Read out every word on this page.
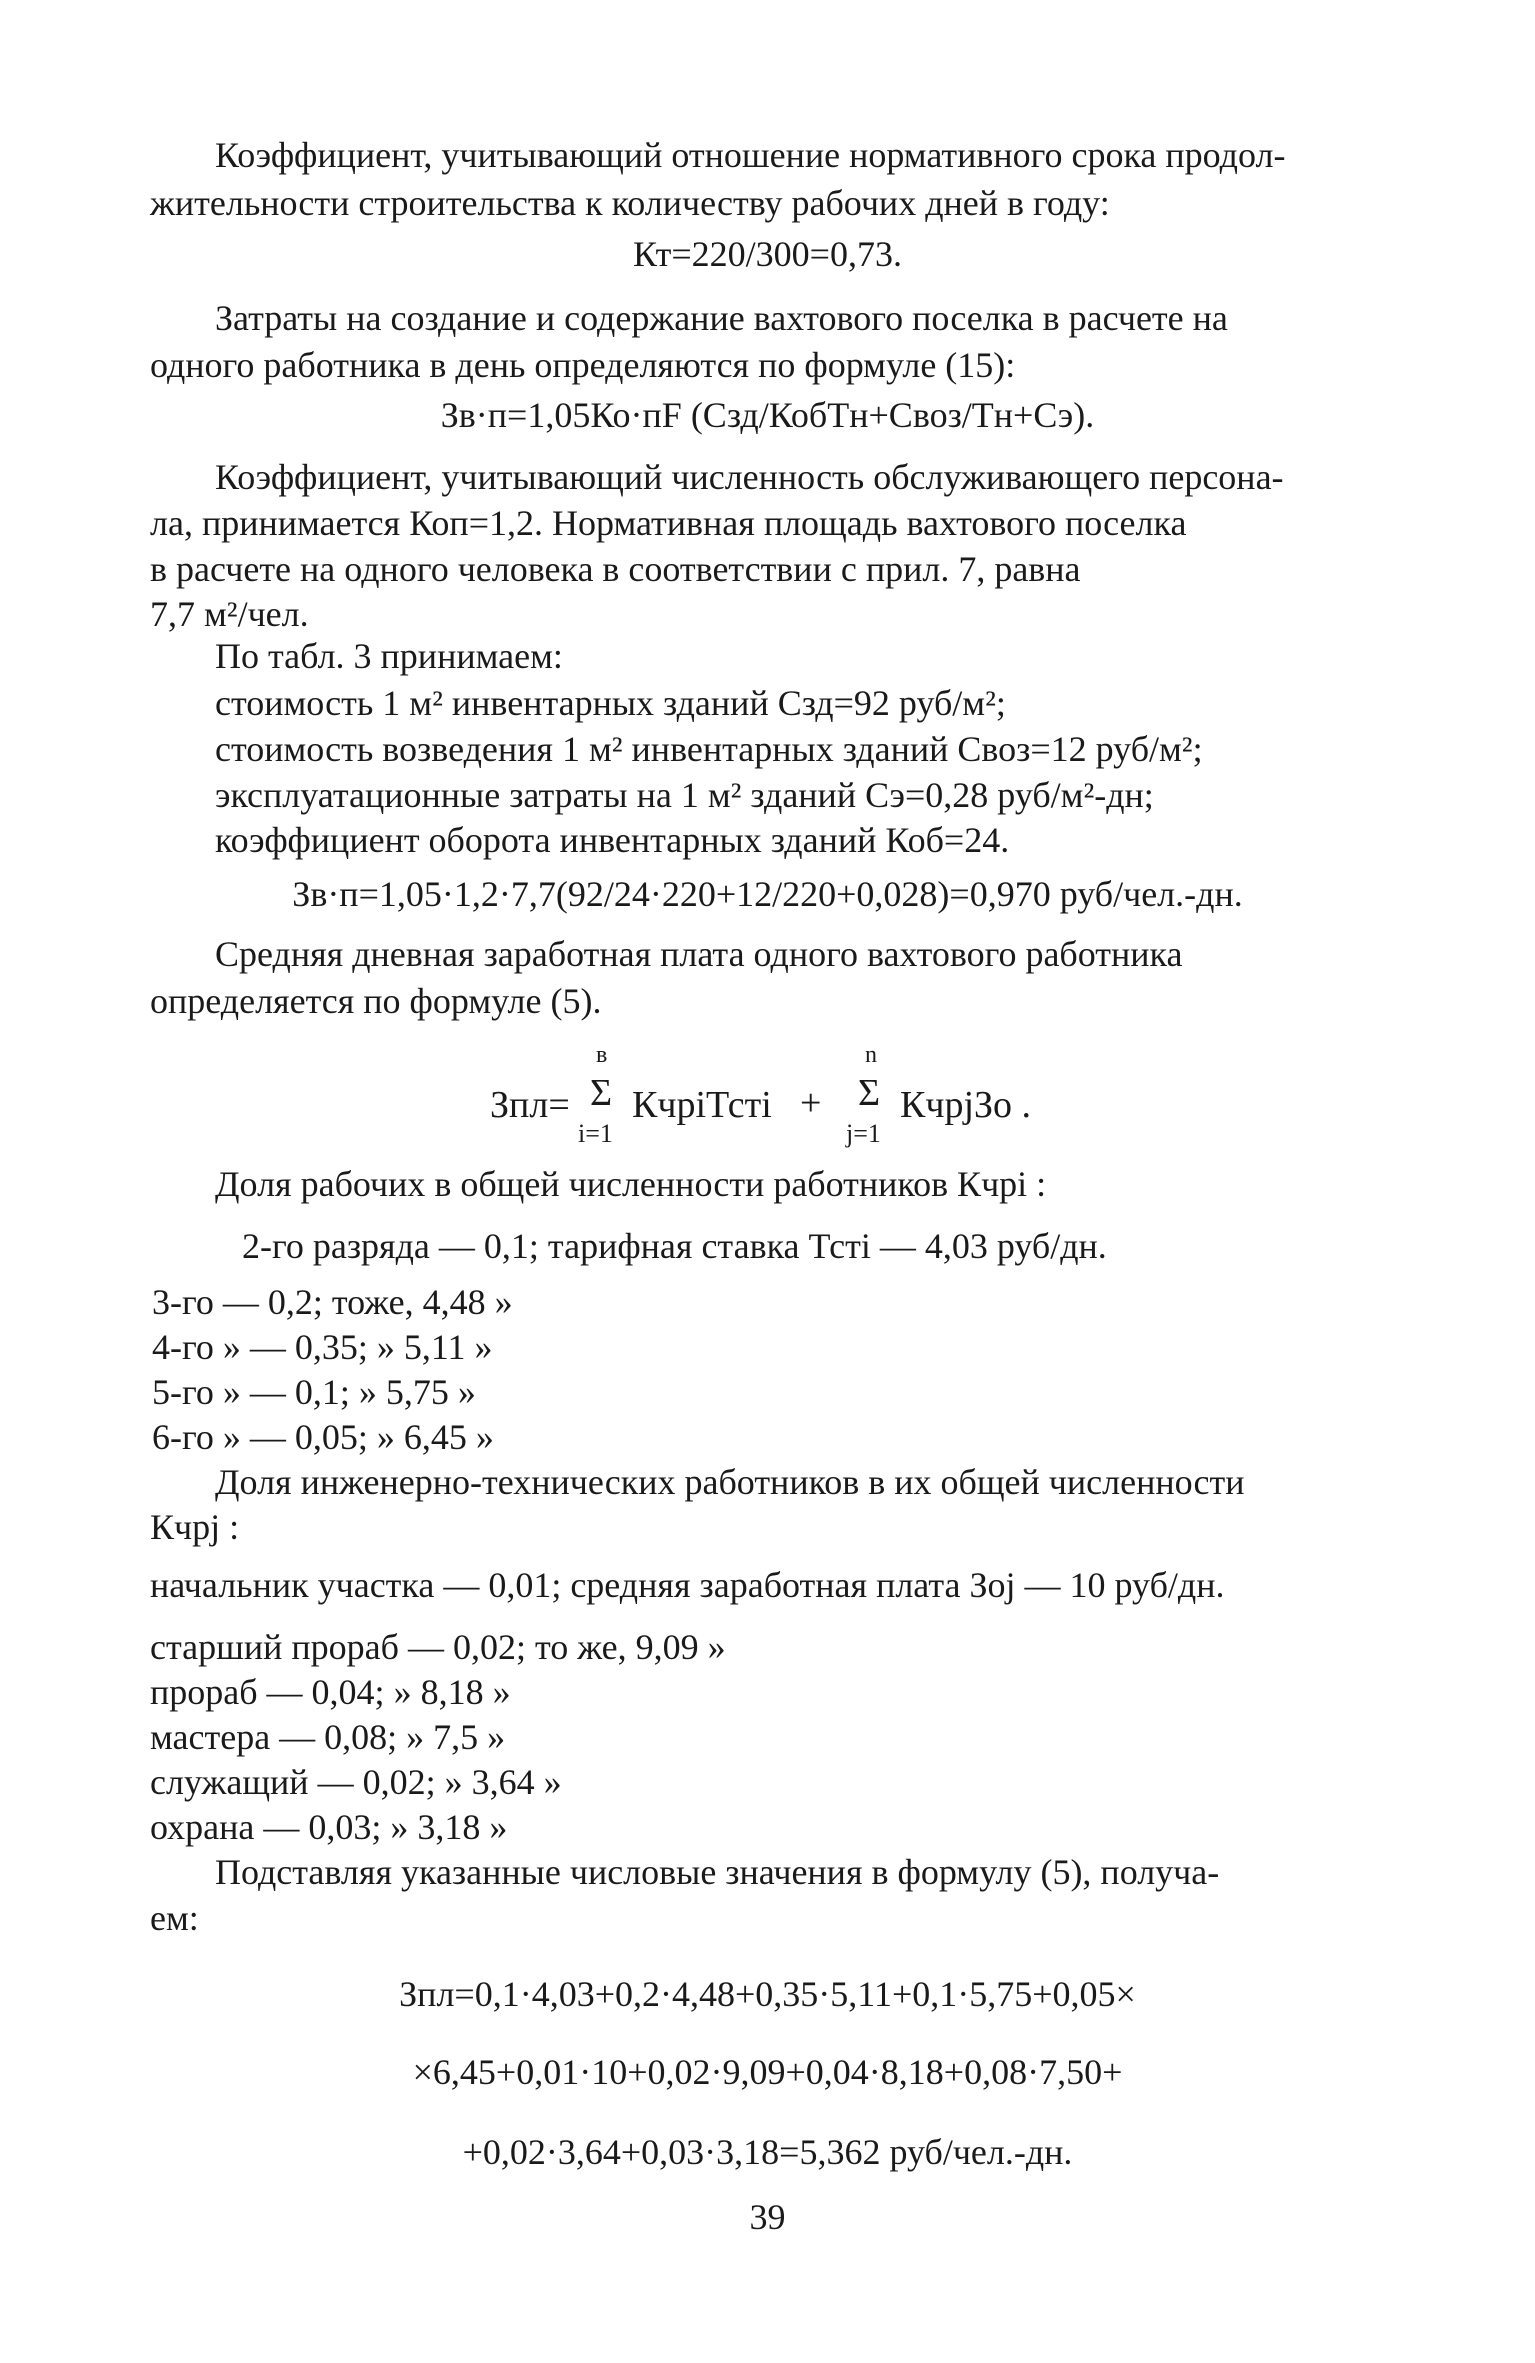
Коэффициент, учитывающий отношение нормативного срока продол-
жительности строительства к количеству рабочих дней в году:
Кт=220/300=0,73.
Затраты на создание и содержание вахтового поселка в расчете на
одного работника в день определяются по формуле (15):
Зв·п=1,05Ко·пF (Сзд/КобТн+Своз/Тн+Сэ).
Коэффициент, учитывающий численность обслуживающего персона-
ла, принимается Коп=1,2. Нормативная площадь вахтового поселка
в расчете на одного человека в соответствии с прил. 7, равна
7,7 м²/чел.
По табл. 3 принимаем:
стоимость 1 м² инвентарных зданий Сзд=92 руб/м²;
стоимость возведения 1 м² инвентарных зданий Своз=12 руб/м²;
эксплуатационные затраты на 1 м² зданий Сэ=0,28 руб/м²-дн;
коэффициент оборота инвентарных зданий Коб=24.
Зв·п=1,05·1,2·7,7(92/24·220+12/220+0,028)=0,970 руб/чел.-дн.
Средняя дневная заработная плата одного вахтового работника
определяется по формуле (5).
Зпл=
в
Σ
i=1
КчрiТстi +
n
Σ
j=1
КчрjЗо .
Доля рабочих в общей численности работников Кчрi :
2-го разряда — 0,1; тарифная ставка Тстi — 4,03 руб/дн.
3-го — 0,2; тоже, 4,48 »
4-го » — 0,35; » 5,11 »
5-го » — 0,1; » 5,75 »
6-го » — 0,05; » 6,45 »
Доля инженерно-технических работников в их общей численности
Кчрj :
начальник участка — 0,01; средняя заработная плата Зоj — 10 руб/дн.
старший прораб — 0,02; то же, 9,09 »
прораб — 0,04; » 8,18 »
мастера — 0,08; » 7,5 »
служащий — 0,02; » 3,64 »
охрана — 0,03; » 3,18 »
Подставляя указанные числовые значения в формулу (5), получа-
ем:
Зпл=0,1·4,03+0,2·4,48+0,35·5,11+0,1·5,75+0,05×
×6,45+0,01·10+0,02·9,09+0,04·8,18+0,08·7,50+
+0,02·3,64+0,03·3,18=5,362 руб/чел.-дн.
39
